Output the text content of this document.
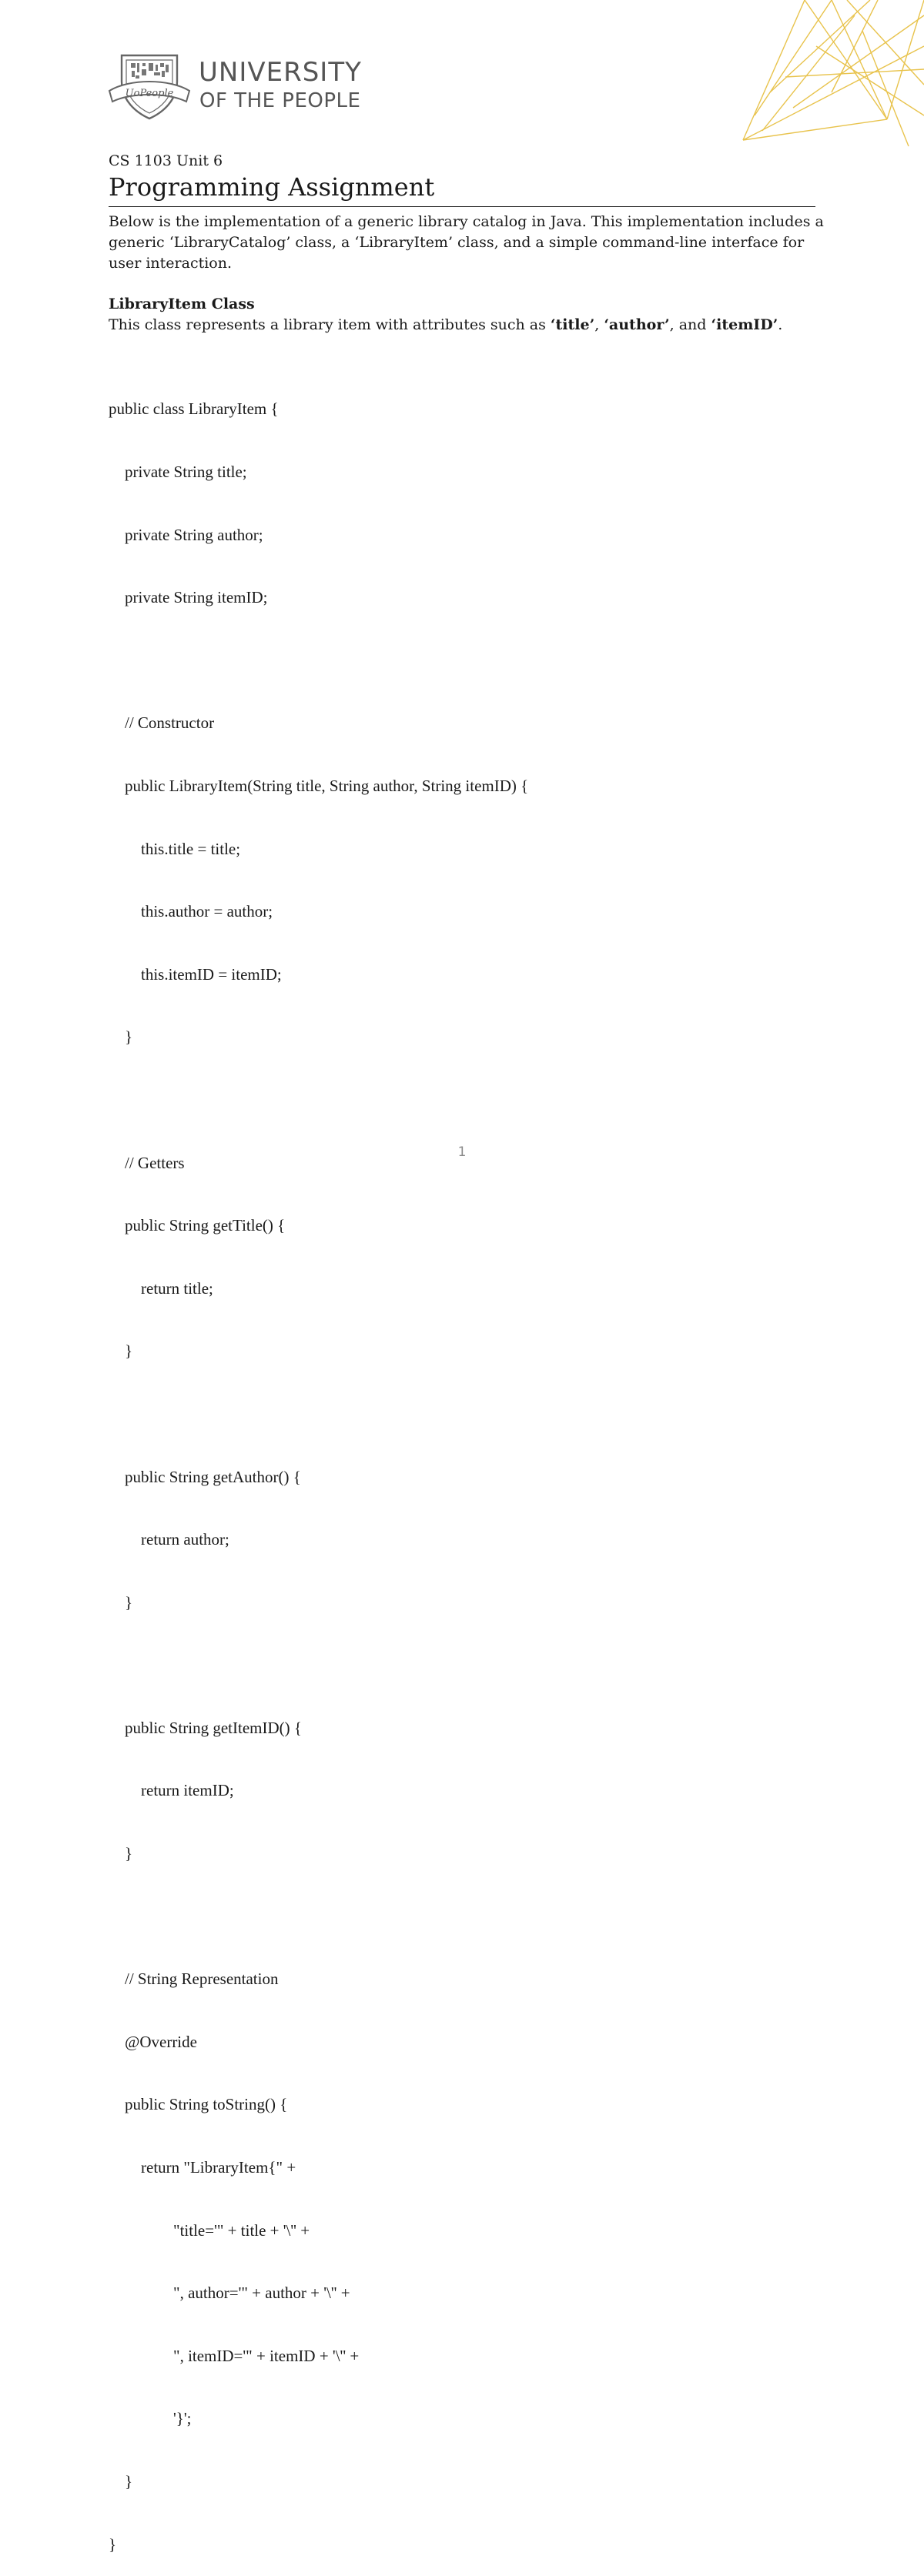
UoPeople
UNIVERSITY
OF THE PEOPLE
CS 1103 Unit 6
Programming Assignment
Below is the implementation of a generic library catalog in Java. This implementation includes a generic ‘LibraryCatalog’ class, a ‘LibraryItem’ class, and a simple command-line interface for user interaction.
LibraryItem Class
This class represents a library item with attributes such as ‘title’, ‘author’, and ‘itemID’.

public class LibraryItem {

private String title;

private String author;

private String itemID;

// Constructor

public LibraryItem(String title, String author, String itemID) {

this.title = title;

this.author = author;

this.itemID = itemID;

}

// Getters

public String getTitle() {

return title;

}

public String getAuthor() {

return author;

}

public String getItemID() {

return itemID;

}

// String Representation

@Override

public String toString() {

return "LibraryItem{" +

"title='" + title + '\'' +

", author='" + author + '\'' +

", itemID='" + itemID + '\'' +

'}';

}

}

1
